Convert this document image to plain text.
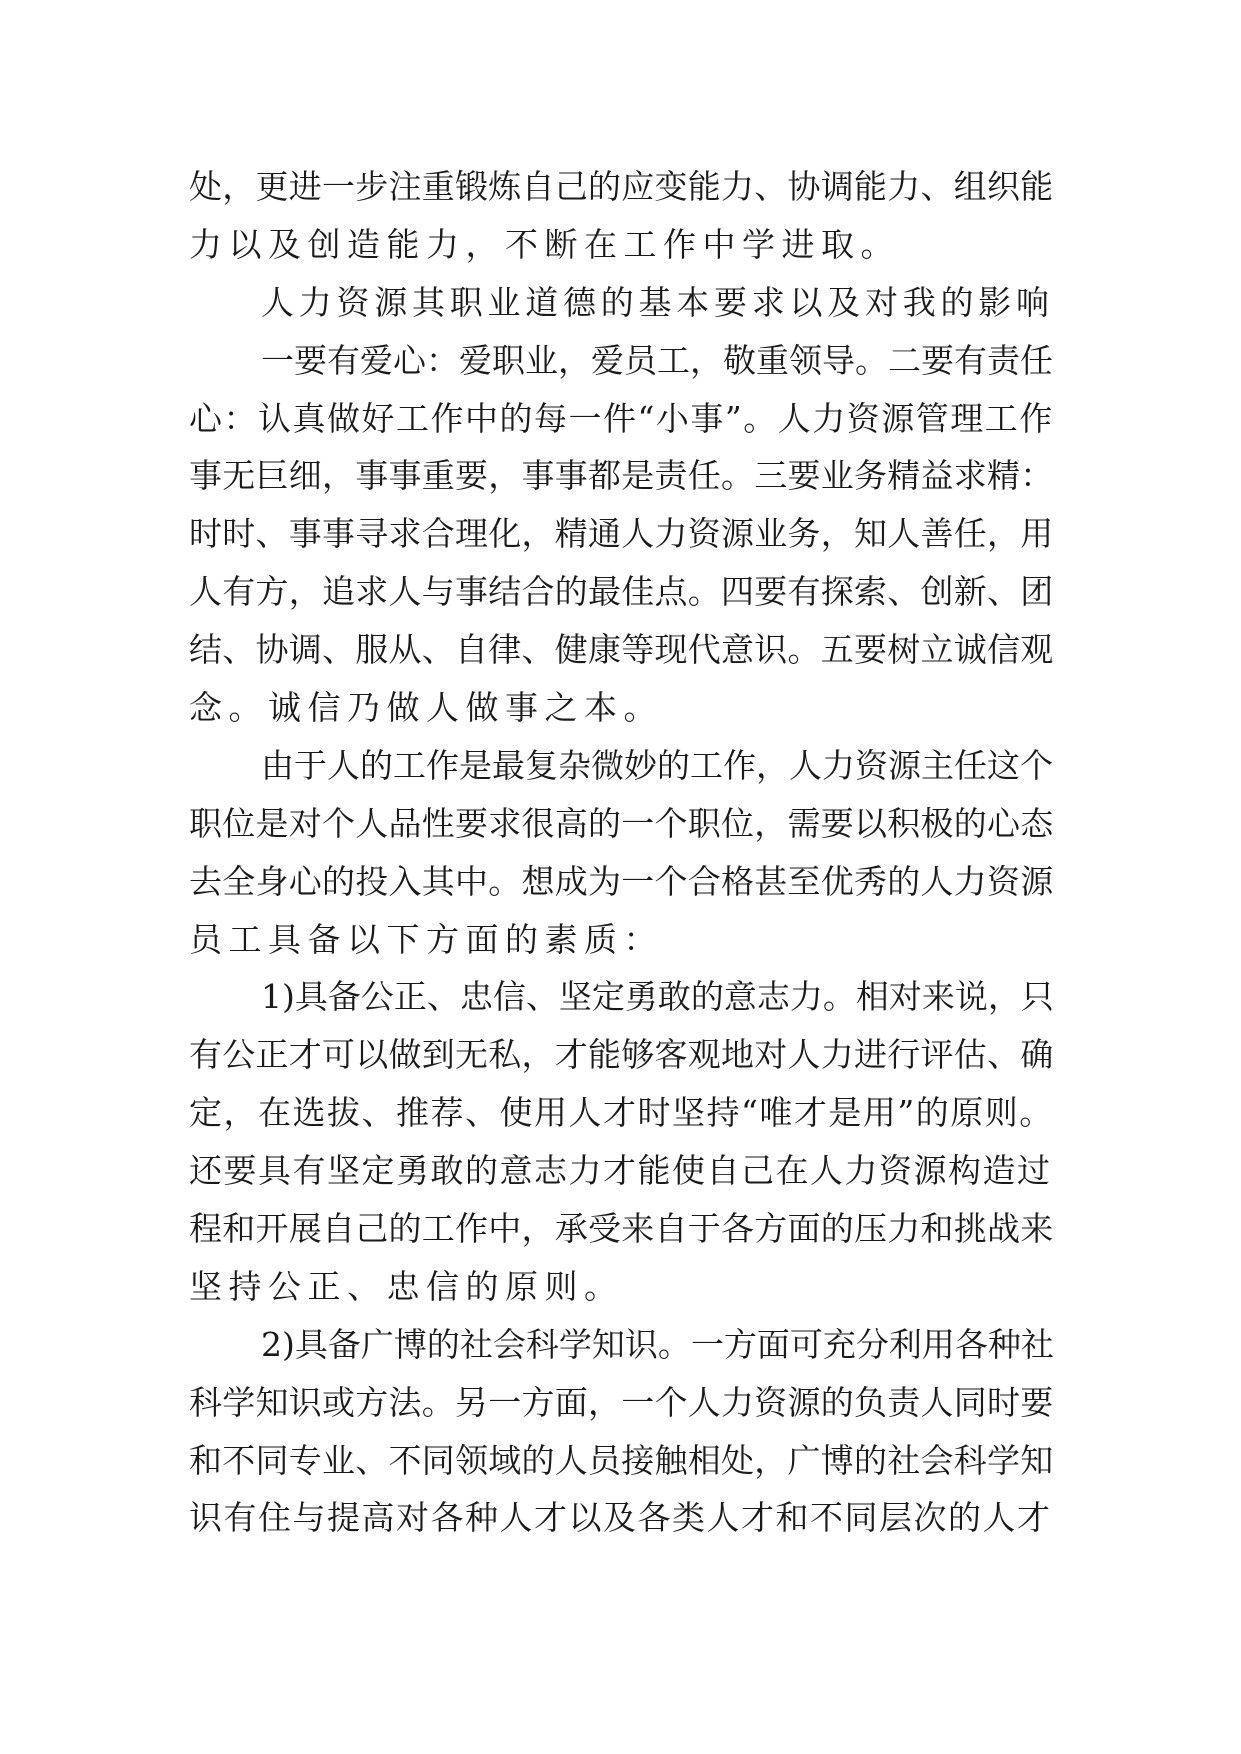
处，更进一步注重锻炼自己的应变能力、协调能力、组织能
力以及创造能力，不断在工作中学进取。
人力资源其职业道德的基本要求以及对我的影响
一要有爱心：爱职业，爱员工，敬重领导。二要有责任
心：认真做好工作中的每一件“小事”。人力资源管理工作
事无巨细，事事重要，事事都是责任。三要业务精益求精：
时时、事事寻求合理化，精通人力资源业务，知人善任，用
人有方，追求人与事结合的最佳点。四要有探索、创新、团
结、协调、服从、自律、健康等现代意识。五要树立诚信观
念。诚信乃做人做事之本。
由于人的工作是最复杂微妙的工作，人力资源主任这个
职位是对个人品性要求很高的一个职位，需要以积极的心态
去全身心的投入其中。想成为一个合格甚至优秀的人力资源
员工具备以下方面的素质：
1)具备公正、忠信、坚定勇敢的意志力。相对来说，只
有公正才可以做到无私，才能够客观地对人力进行评估、确
定，在选拔、推荐、使用人才时坚持“唯才是用”的原则。
还要具有坚定勇敢的意志力才能使自己在人力资源构造过
程和开展自己的工作中，承受来自于各方面的压力和挑战来
坚持公正、忠信的原则。
2)具备广博的社会科学知识。一方面可充分利用各种社
科学知识或方法。另一方面，一个人力资源的负责人同时要
和不同专业、不同领域的人员接触相处，广博的社会科学知
识有住与提高对各种人才以及各类人才和不同层次的人才
